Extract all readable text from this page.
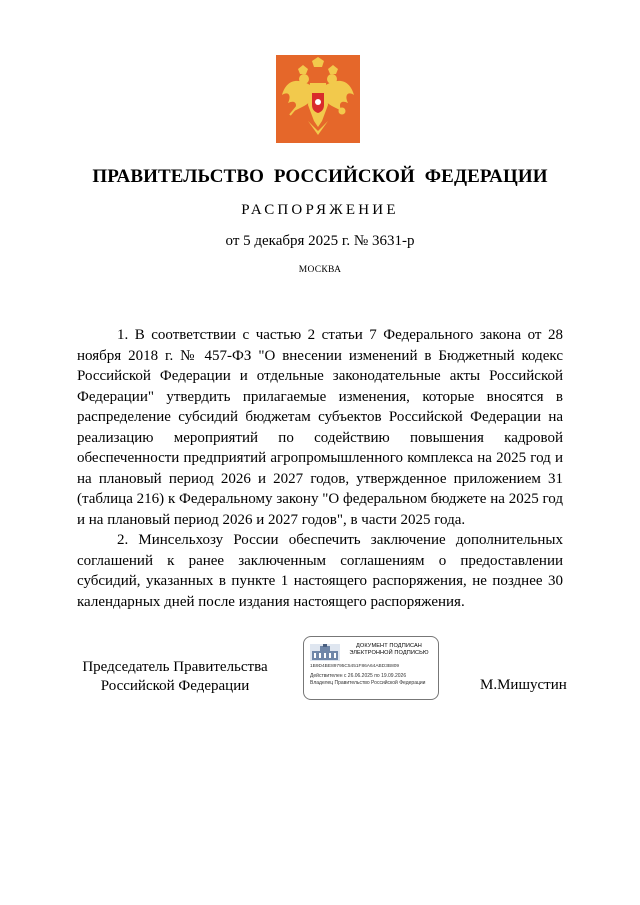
ПРАВИТЕЛЬСТВО РОССИЙСКОЙ ФЕДЕРАЦИИ
РАСПОРЯЖЕНИЕ
от 5 декабря 2025 г. № 3631-р
МОСКВА

1. В соответствии с частью 2 статьи 7 Федерального закона от 28 ноября 2018 г. № 457-ФЗ "О внесении изменений в Бюджетный кодекс Российской Федерации и отдельные законодательные акты Российской Федерации" утвердить прилагаемые изменения, которые вносятся в распределение субсидий бюджетам субъектов Российской Федерации на реализацию мероприятий по содействию повышения кадровой обеспеченности предприятий агропромышленного комплекса на 2025 год и на плановый период 2026 и 2027 годов, утвержденное приложением 31 (таблица 216) к Федеральному закону "О федеральном бюджете на 2025 год и на плановый период 2026 и 2027 годов", в части 2025 года.

2. Минсельхозу России обеспечить заключение дополнительных соглашений к ранее заключенным соглашениям о предоставлении субсидий, указанных в пункте 1 настоящего распоряжения, не позднее 30 календарных дней после издания настоящего распоряжения.

Председатель Правительства
Российской Федерации
ДОКУМЕНТ ПОДПИСАН
ЭЛЕКТРОННОЙ ПОДПИСЬЮ
1B9D4BE89795C5451F86A64ABD3B809
Действителен с 26.06.2025 по 19.09.2026
Владелец Правительство Российской Федерации	М.Мишустин
